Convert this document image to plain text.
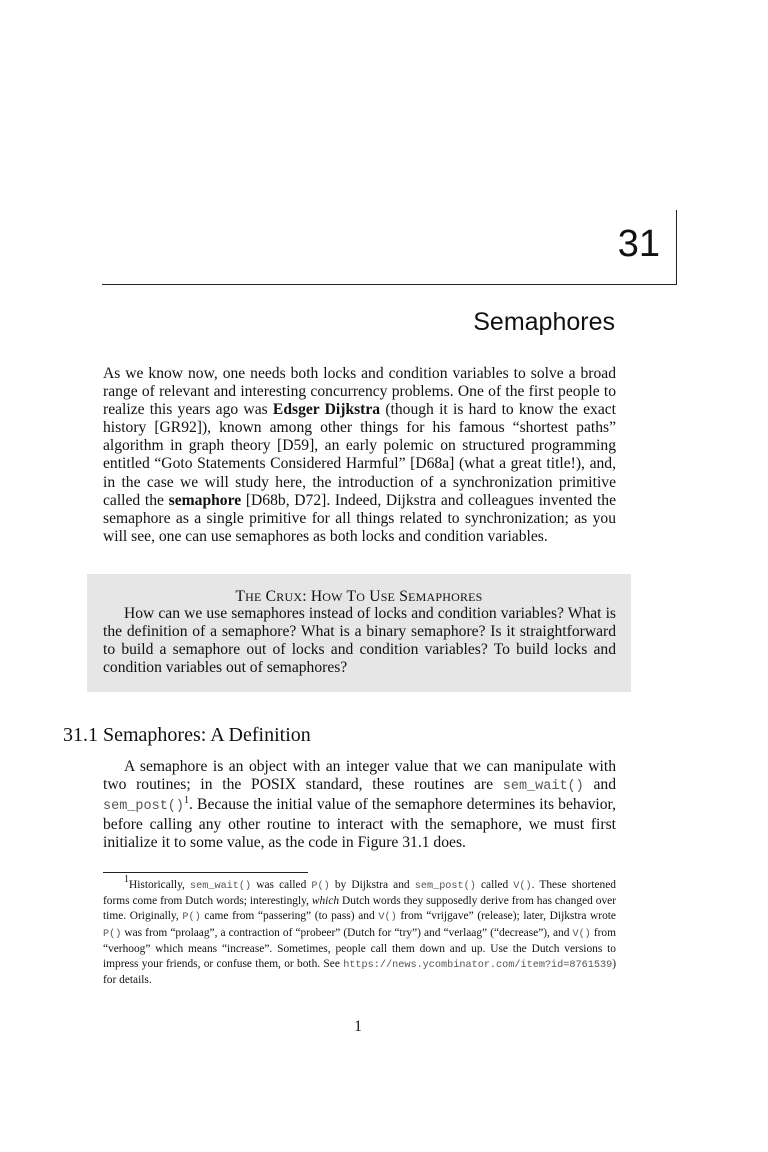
31
Semaphores

As we know now, one needs both locks and condition variables to solve a broad range of relevant and interesting concurrency problems. One of the first people to realize this years ago was Edsger Dijkstra (though it is hard to know the exact history [GR92]), known among other things for his famous “shortest paths” algorithm in graph theory [D59], an early polemic on structured programming entitled “Goto Statements Considered Harmful” [D68a] (what a great title!), and, in the case we will study here, the introduction of a synchronization primitive called the semaphore [D68b, D72]. Indeed, Dijkstra and colleagues invented the semaphore as a single primitive for all things related to synchronization; as you will see, one can use semaphores as both locks and condition variables.

THE CRUX: HOW TO USE SEMAPHORES

How can we use semaphores instead of locks and condition variables? What is the definition of a semaphore? What is a binary semaphore? Is it straightforward to build a semaphore out of locks and condition variables? To build locks and condition variables out of semaphores?

31.1 Semaphores: A Definition

A semaphore is an object with an integer value that we can manipulate with two routines; in the POSIX standard, these routines are sem_wait() and sem_post()$^1$. Because the initial value of the semaphore determines its behavior, before calling any other routine to interact with the semaphore, we must first initialize it to some value, as the code in Figure 31.1 does.

1Historically, sem_wait() was called P() by Dijkstra and sem_post() called V(). These shortened forms come from Dutch words; interestingly, which Dutch words they supposedly derive from has changed over time. Originally, P() came from “passering” (to pass) and V() from “vrijgave” (release); later, Dijkstra wrote P() was from “prolaag”, a contraction of “probeer” (Dutch for “try”) and “verlaag” (“decrease”), and V() from “verhoog” which means “increase”. Sometimes, people call them down and up. Use the Dutch versions to impress your friends, or confuse them, or both. See https://news.ycombinator.com/item?id=8761539) for details.

1
